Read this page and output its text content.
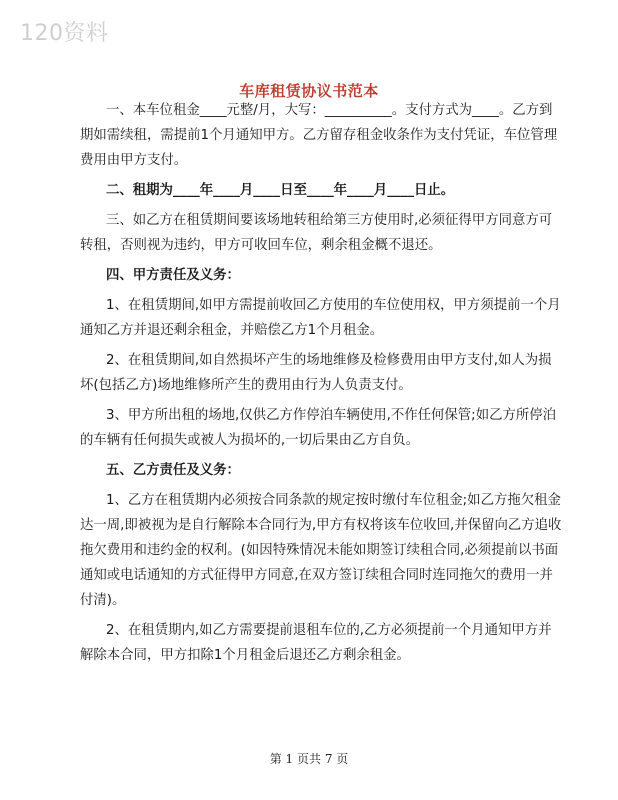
120资料
车库租赁协议书范本

一、本车位租金____元整/月，大写：__________。支付方式为____。乙方到期如需续租，需提前1个月通知甲方。乙方留存租金收条作为支付凭证，车位管理费用由甲方支付。

二、租期为____年____月____日至____年____月____日止。

三、如乙方在租赁期间要该场地转租给第三方使用时,必须征得甲方同意方可转租，否则视为违约，甲方可收回车位，剩余租金概不退还。

四、甲方责任及义务：

1、在租赁期间,如甲方需提前收回乙方使用的车位使用权，甲方须提前一个月通知乙方并退还剩余租金，并赔偿乙方1个月租金。

2、在租赁期间,如自然损坏产生的场地维修及检修费用由甲方支付,如人为损坏(包括乙方)场地维修所产生的费用由行为人负责支付。

3、甲方所出租的场地,仅供乙方作停泊车辆使用,不作任何保管;如乙方所停泊的车辆有任何损失或被人为损坏的,一切后果由乙方自负。

五、乙方责任及义务：

1、乙方在租赁期内必须按合同条款的规定按时缴付车位租金;如乙方拖欠租金达一周,即被视为是自行解除本合同行为,甲方有权将该车位收回,并保留向乙方追收拖欠费用和违约金的权利。(如因特殊情况未能如期签订续租合同,必须提前以书面通知或电话通知的方式征得甲方同意,在双方签订续租合同时连同拖欠的费用一并付清)。

2、在租赁期内,如乙方需要提前退租车位的,乙方必须提前一个月通知甲方并解除本合同，甲方扣除1个月租金后退还乙方剩余租金。

第 1 页共 7 页
